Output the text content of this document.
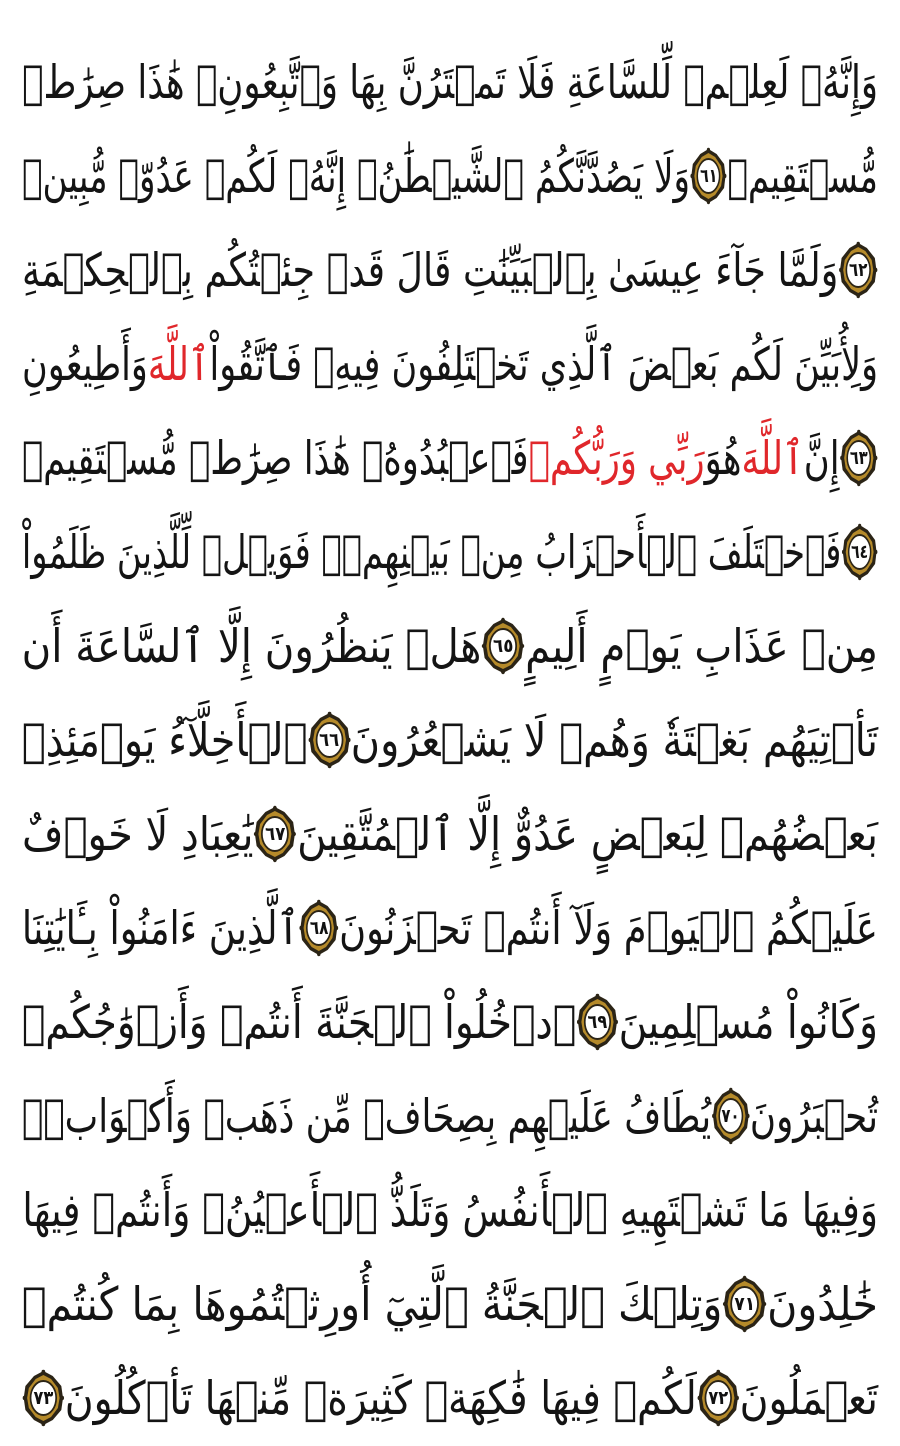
وَإِنَّهُۥ لَعِلۡمٞ لِّلسَّاعَةِ فَلَا تَمۡتَرُنَّ بِهَا وَٱتَّبِعُونِۚ هَٰذَا صِرَٰطٞ
مُّسۡتَقِيمٞ
٦١
وَلَا يَصُدَّنَّكُمُ ٱلشَّيۡطَٰنُۖ إِنَّهُۥ لَكُمۡ عَدُوّٞ مُّبِينٞ
٦٢
وَلَمَّا جَآءَ عِيسَىٰ بِٱلۡبَيِّنَٰتِ قَالَ قَدۡ جِئۡتُكُم بِٱلۡحِكۡمَةِ
وَلِأُبَيِّنَ لَكُم بَعۡضَ ٱلَّذِي تَخۡتَلِفُونَ فِيهِۖ فَٱتَّقُواْ
ٱللَّهَ
وَأَطِيعُونِ
٦٣
إِنَّ
ٱللَّهَ
هُوَ
رَبِّي وَرَبُّكُمۡ
فَٱعۡبُدُوهُۚ هَٰذَا صِرَٰطٞ مُّسۡتَقِيمٞ
٦٤
فَٱخۡتَلَفَ ٱلۡأَحۡزَابُ مِنۢ بَيۡنِهِمۡۖ فَوَيۡلٞ لِّلَّذِينَ ظَلَمُواْ
مِنۡ عَذَابِ يَوۡمٍ أَلِيمٍ
٦٥
هَلۡ يَنظُرُونَ إِلَّا ٱلسَّاعَةَ أَن
تَأۡتِيَهُم بَغۡتَةٗ وَهُمۡ لَا يَشۡعُرُونَ
٦٦
ٱلۡأَخِلَّآءُ يَوۡمَئِذِۭ
بَعۡضُهُمۡ لِبَعۡضٍ عَدُوٌّ إِلَّا ٱلۡمُتَّقِينَ
٦٧
يَٰعِبَادِ لَا خَوۡفٌ
عَلَيۡكُمُ ٱلۡيَوۡمَ وَلَآ أَنتُمۡ تَحۡزَنُونَ
٦٨
ٱلَّذِينَ ءَامَنُواْ بِـَٔايَٰتِنَا
وَكَانُواْ مُسۡلِمِينَ
٦٩
ٱدۡخُلُواْ ٱلۡجَنَّةَ أَنتُمۡ وَأَزۡوَٰجُكُمۡ
تُحۡبَرُونَ
٧٠
يُطَافُ عَلَيۡهِم بِصِحَافٖ مِّن ذَهَبٖ وَأَكۡوَابٖۖ
وَفِيهَا مَا تَشۡتَهِيهِ ٱلۡأَنفُسُ وَتَلَذُّ ٱلۡأَعۡيُنُۖ وَأَنتُمۡ فِيهَا
خَٰلِدُونَ
٧١
وَتِلۡكَ ٱلۡجَنَّةُ ٱلَّتِيٓ أُورِثۡتُمُوهَا بِمَا كُنتُمۡ
تَعۡمَلُونَ
٧٢
لَكُمۡ فِيهَا فَٰكِهَةٞ كَثِيرَةٞ مِّنۡهَا تَأۡكُلُونَ
٧٣
